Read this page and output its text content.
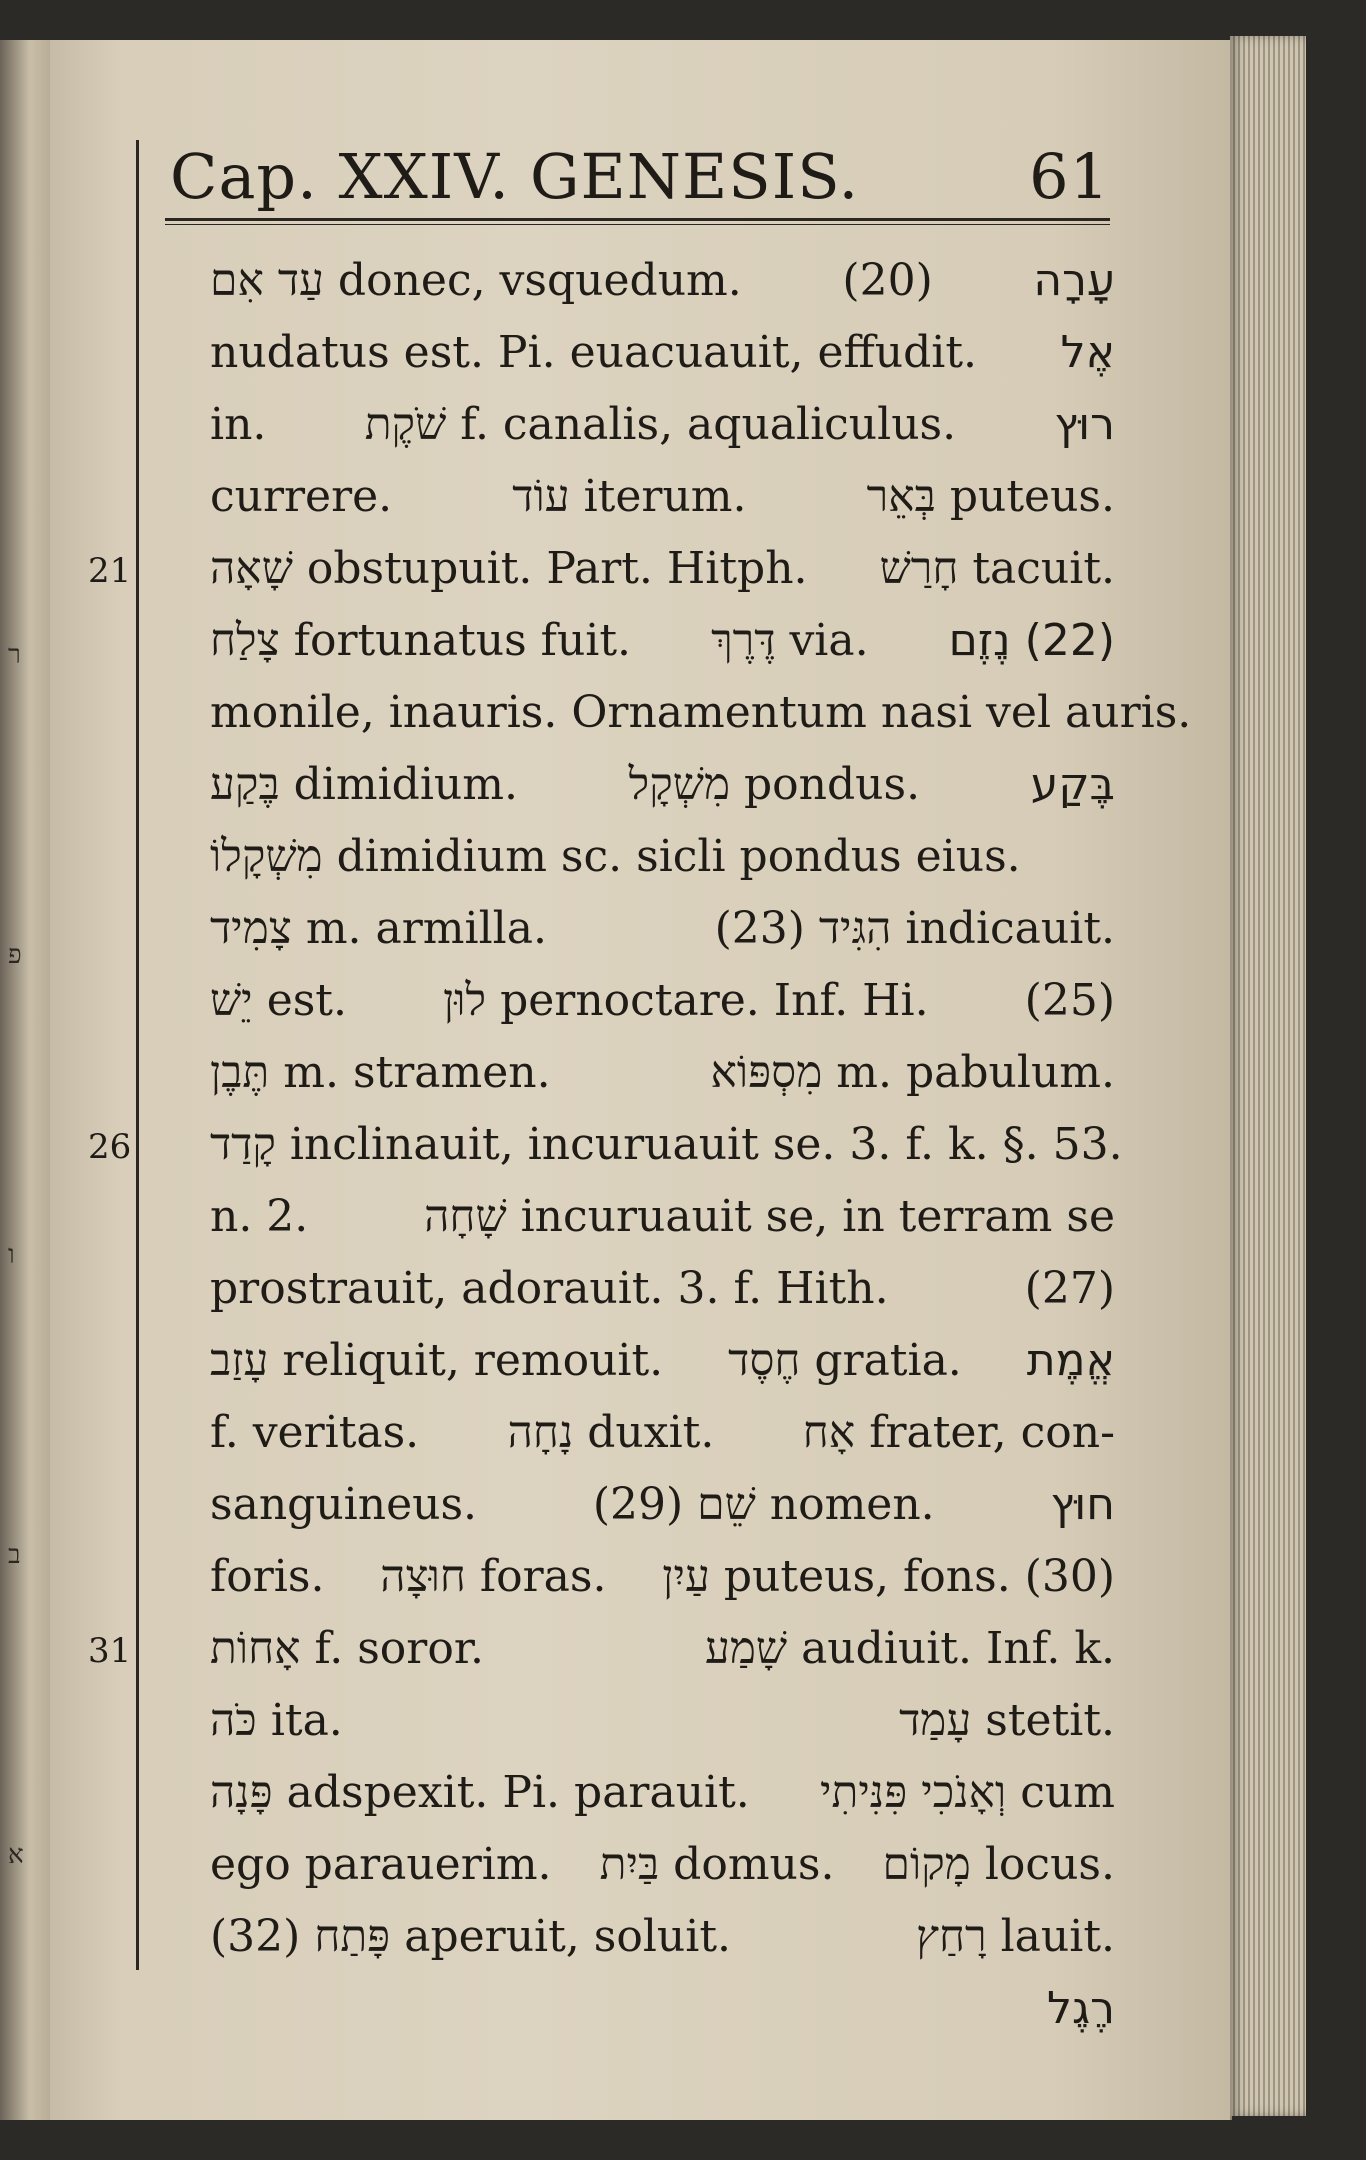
ר
פ
ו
ב
א
Cap. XXIV. GENESIS.	61
21
26
31
עַד אִם donec, vsquedum. (20) עָרָה
nudatus est. Pi. euacuauit, effudit. אֶל
in. שֹׁקֶת f. canalis, aqualiculus. רוּץ
currere.	עוֹד iterum.	בְּאֵר puteus.
שָׁאָה obstupuit. Part. Hitph. חָרַשׁ tacuit.
צָלַח fortunatus fuit. דֶּרֶךְ via. (22) נֶזֶם
monile, inauris. Ornamentum nasi vel auris.
בֶּקַע dimidium.	מִשְׁקָל pondus.	בֶּקַע
מִשְׁקָלוֹ dimidium sc. sicli pondus eius.
צָמִיד m. armilla.	(23) הִגִּיד indicauit.
יֵשׁ est. לוּן pernoctare. Inf. Hi. (25)
תֶּבֶן m. stramen.	מִסְפּוֹא m. pabulum.
קָדַד inclinauit, incuruauit se. 3. f. k. §. 53.
n. 2.	שָׁחָה incuruauit se, in terram se
prostrauit, adorauit. 3. f. Hith.	(27)
עָזַב reliquit, remouit. חֶסֶד gratia. אֱמֶת
f. veritas. נָחָה duxit. אָח frater, con-
sanguineus.	(29) שֵׁם nomen.	חוּץ
foris. חוּצָה foras. עַיִן puteus, fons. (30)
אָחוֹת f. soror.	שָׁמַע audiuit. Inf. k.
כֹּה ita.	עָמַד stetit.
פָּנָה adspexit. Pi. parauit. וְאָנֹכִי פִּנִּיתִי cum
ego parauerim. בַּיִת domus. מָקוֹם locus.
(32) פָּתַח aperuit, soluit.	רָחַץ lauit.
רֶגֶל
